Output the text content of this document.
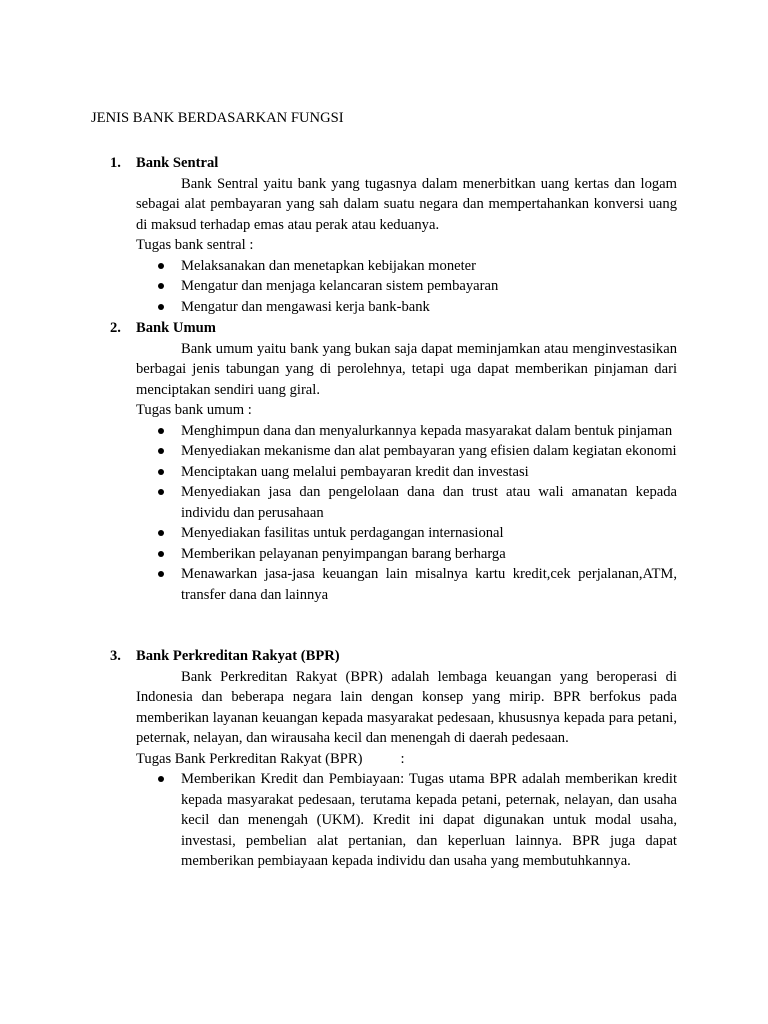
JENIS BANK BERDASARKAN FUNGSI
1.	Bank Sentral
Bank Sentral yaitu bank yang tugasnya dalam menerbitkan uang kertas dan logam sebagai alat pembayaran yang sah dalam suatu negara dan mempertahankan konversi uang di maksud terhadap emas atau perak atau keduanya.
Tugas bank sentral :
Melaksanakan dan menetapkan kebijakan moneter
Mengatur dan menjaga kelancaran sistem pembayaran
Mengatur dan mengawasi kerja bank-bank
2.	Bank Umum
Bank umum yaitu bank yang bukan saja dapat meminjamkan atau menginvestasikan berbagai jenis tabungan yang di perolehnya, tetapi uga dapat memberikan pinjaman dari menciptakan sendiri uang giral.
Tugas bank umum :
Menghimpun dana dan menyalurkannya kepada masyarakat dalam bentuk pinjaman
Menyediakan mekanisme dan alat pembayaran yang efisien dalam kegiatan ekonomi
Menciptakan uang melalui pembayaran kredit dan investasi
Menyediakan jasa dan pengelolaan dana dan trust atau wali amanatan kepada individu dan perusahaan
Menyediakan fasilitas untuk perdagangan internasional
Memberikan pelayanan penyimpangan barang berharga
Menawarkan jasa-jasa keuangan lain misalnya kartu kredit,cek perjalanan,ATM, transfer dana dan lainnya
3.	Bank Perkreditan Rakyat (BPR)
Bank Perkreditan Rakyat (BPR) adalah lembaga keuangan yang beroperasi di Indonesia dan beberapa negara lain dengan konsep yang mirip. BPR berfokus pada memberikan layanan keuangan kepada masyarakat pedesaan, khususnya kepada para petani, peternak, nelayan, dan wirausaha kecil dan menengah di daerah pedesaan.
Tugas Bank Perkreditan Rakyat (BPR)	:
Memberikan Kredit dan Pembiayaan: Tugas utama BPR adalah memberikan kredit kepada masyarakat pedesaan, terutama kepada petani, peternak, nelayan, dan usaha kecil dan menengah (UKM). Kredit ini dapat digunakan untuk modal usaha, investasi, pembelian alat pertanian, dan keperluan lainnya. BPR juga dapat memberikan pembiayaan kepada individu dan usaha yang membutuhkannya.
